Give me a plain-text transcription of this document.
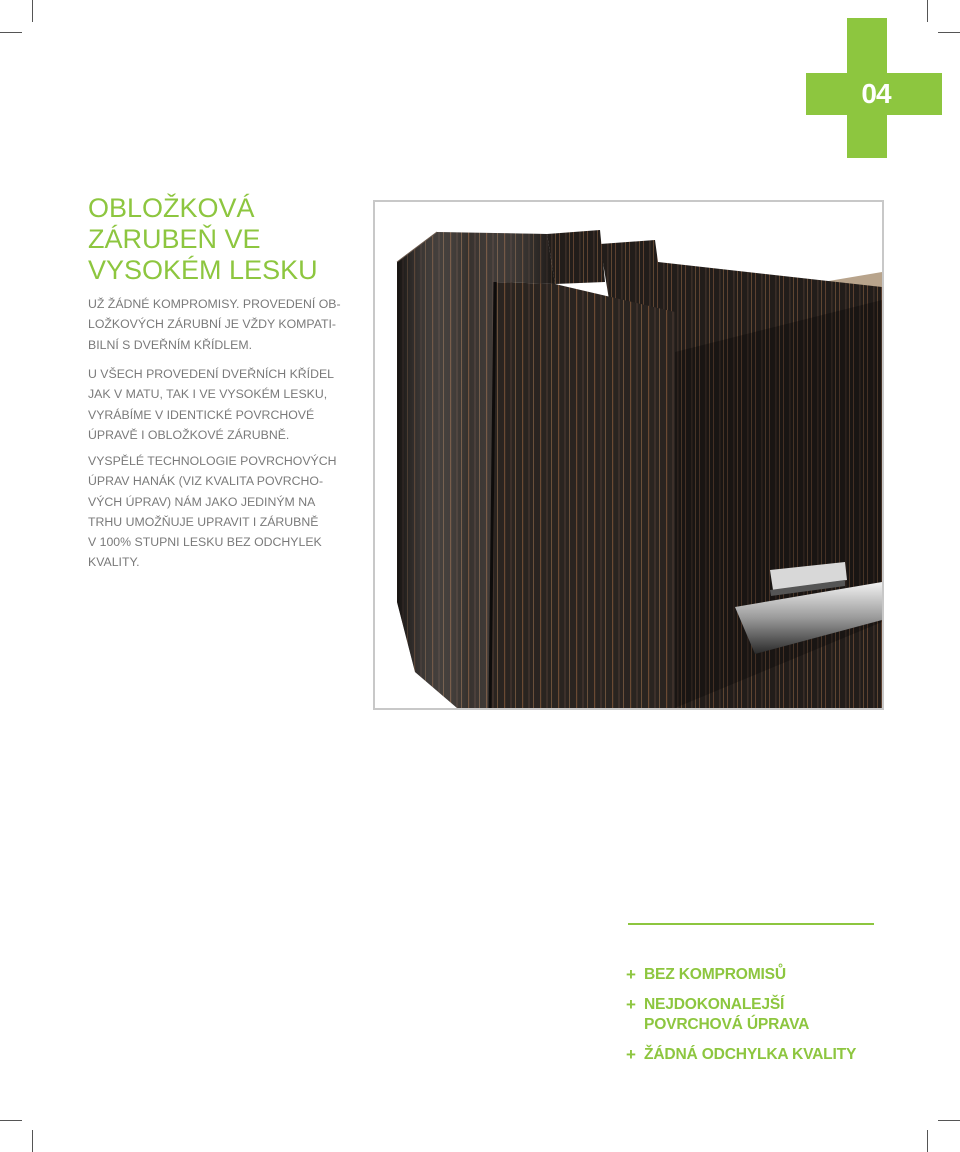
04
OBLOŽKOVÁ
ZÁRUBEŇ VE
VYSOKÉM LESKU

UŽ ŽÁDNÉ KOMPROMISY. PROVEDENÍ OB-
LOŽKOVÝCH ZÁRUBNÍ JE VŽDY KOMPATI-
BILNÍ S DVEŘNÍM KŘÍDLEM.

U VŠECH PROVEDENÍ DVEŘNÍCH KŘÍDEL
JAK V MATU, TAK I VE VYSOKÉM LESKU,
VYRÁBÍME V IDENTICKÉ POVRCHOVÉ
ÚPRAVĚ I OBLOŽKOVÉ ZÁRUBNĚ.

VYSPĚLÉ TECHNOLOGIE POVRCHOVÝCH
ÚPRAV HANÁK (VIZ KVALITA POVRCHO-
VÝCH ÚPRAV) NÁM JAKO JEDINÝM NA
TRHU UMOŽŇUJE UPRAVIT I ZÁRUBNĚ
V 100% STUPNI LESKU BEZ ODCHYLEK
KVALITY.

+ BEZ KOMPROMISŮ
+ NEJDOKONALEJŠÍ
POVRCHOVÁ ÚPRAVA
+ ŽÁDNÁ ODCHYLKA KVALITY
